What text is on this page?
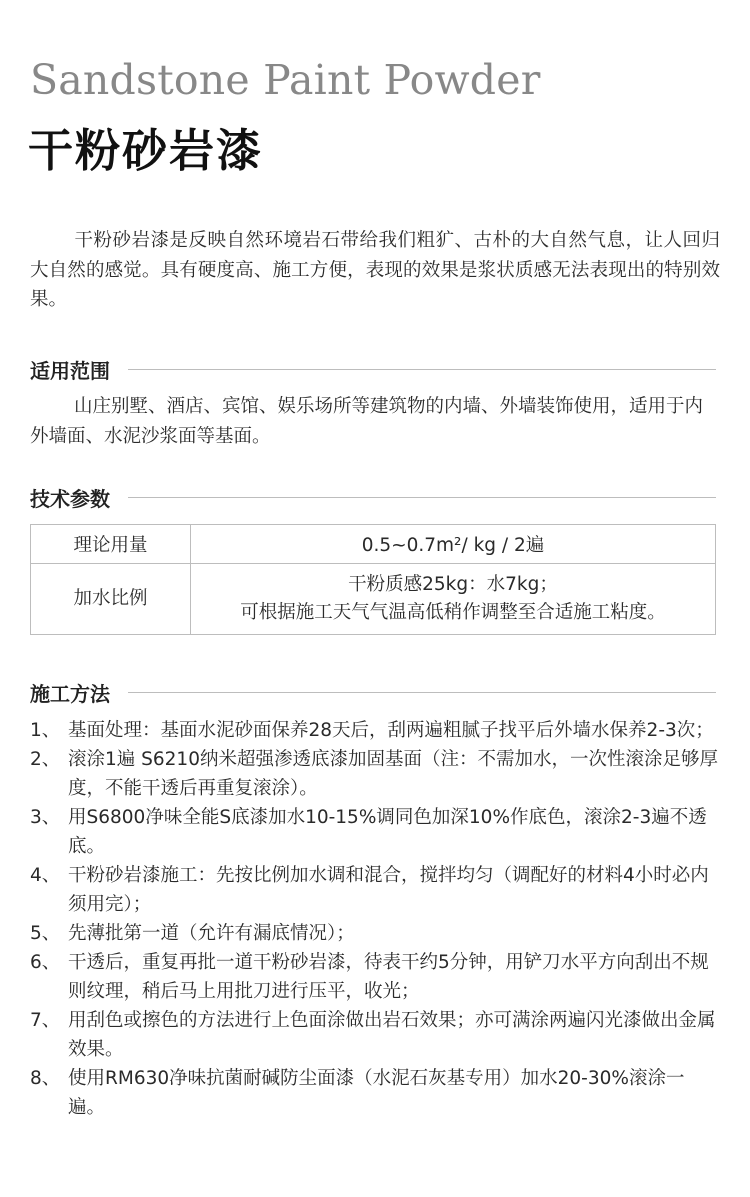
Sandstone Paint Powder
干粉砂岩漆
干粉砂岩漆是反映自然环境岩石带给我们粗犷、古朴的大自然气息，让人回归大自然的感觉。具有硬度高、施工方便，表现的效果是浆状质感无法表现出的特别效果。
适用范围
山庄别墅、酒店、宾馆、娱乐场所等建筑物的内墙、外墙装饰使用，适用于内外墙面、水泥沙浆面等基面。
技术参数
理论用量	0.5~0.7m²/ kg / 2遍
加水比例	干粉质感25kg：水7kg；
可根据施工天气气温高低稍作调整至合适施工粘度。
施工方法
1、 基面处理：基面水泥砂面保养28天后，刮两遍粗腻子找平后外墙水保养2-3次；
2、 滚涂1遍 S6210纳米超强渗透底漆加固基面（注：不需加水，一次性滚涂足够厚度，不能干透后再重复滚涂）。
3、 用S6800净味全能S底漆加水10-15%调同色加深10%作底色，滚涂2-3遍不透底。
4、 干粉砂岩漆施工：先按比例加水调和混合，搅拌均匀（调配好的材料4小时必内须用完）；
5、 先薄批第一道（允许有漏底情况）；
6、 干透后，重复再批一道干粉砂岩漆，待表干约5分钟，用铲刀水平方向刮出不规则纹理，稍后马上用批刀进行压平，收光；
7、 用刮色或擦色的方法进行上色面涂做出岩石效果；亦可满涂两遍闪光漆做出金属效果。
8、 使用RM630净味抗菌耐碱防尘面漆（水泥石灰基专用）加水20-30%滚涂一遍。
